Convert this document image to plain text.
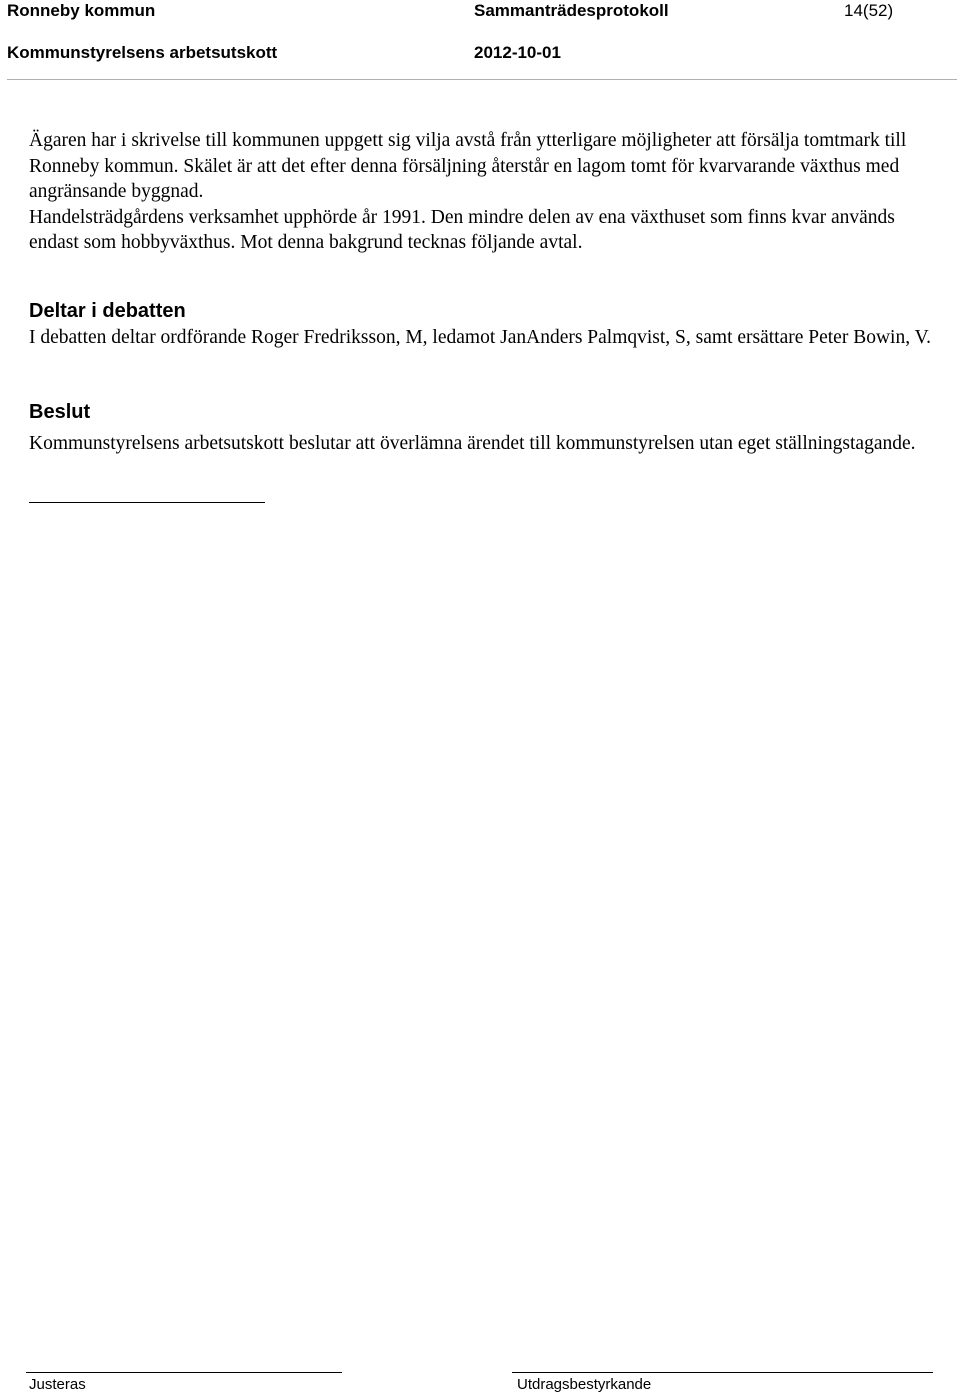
Ronneby kommun	Sammanträdesprotokoll	14(52)
Kommunstyrelsens arbetsutskott	2012-10-01

Ägaren har i skrivelse till kommunen uppgett sig vilja avstå från ytterligare möjligheter att försälja tomtmark till Ronneby kommun. Skälet är att det efter denna försäljning återstår en lagom tomt för kvarvarande växthus med angränsande byggnad.

Handelsträdgårdens verksamhet upphörde år 1991. Den mindre delen av ena växthuset som finns kvar används endast som hobbyväxthus. Mot denna bakgrund tecknas följande avtal.

Deltar i debatten
I debatten deltar ordförande Roger Fredriksson, M, ledamot JanAnders Palmqvist, S, samt ersättare Peter Bowin, V.
Beslut
Kommunstyrelsens arbetsutskott beslutar att överlämna ärendet till kommunstyrelsen utan eget ställningstagande.
Justeras	Utdragsbestyrkande
